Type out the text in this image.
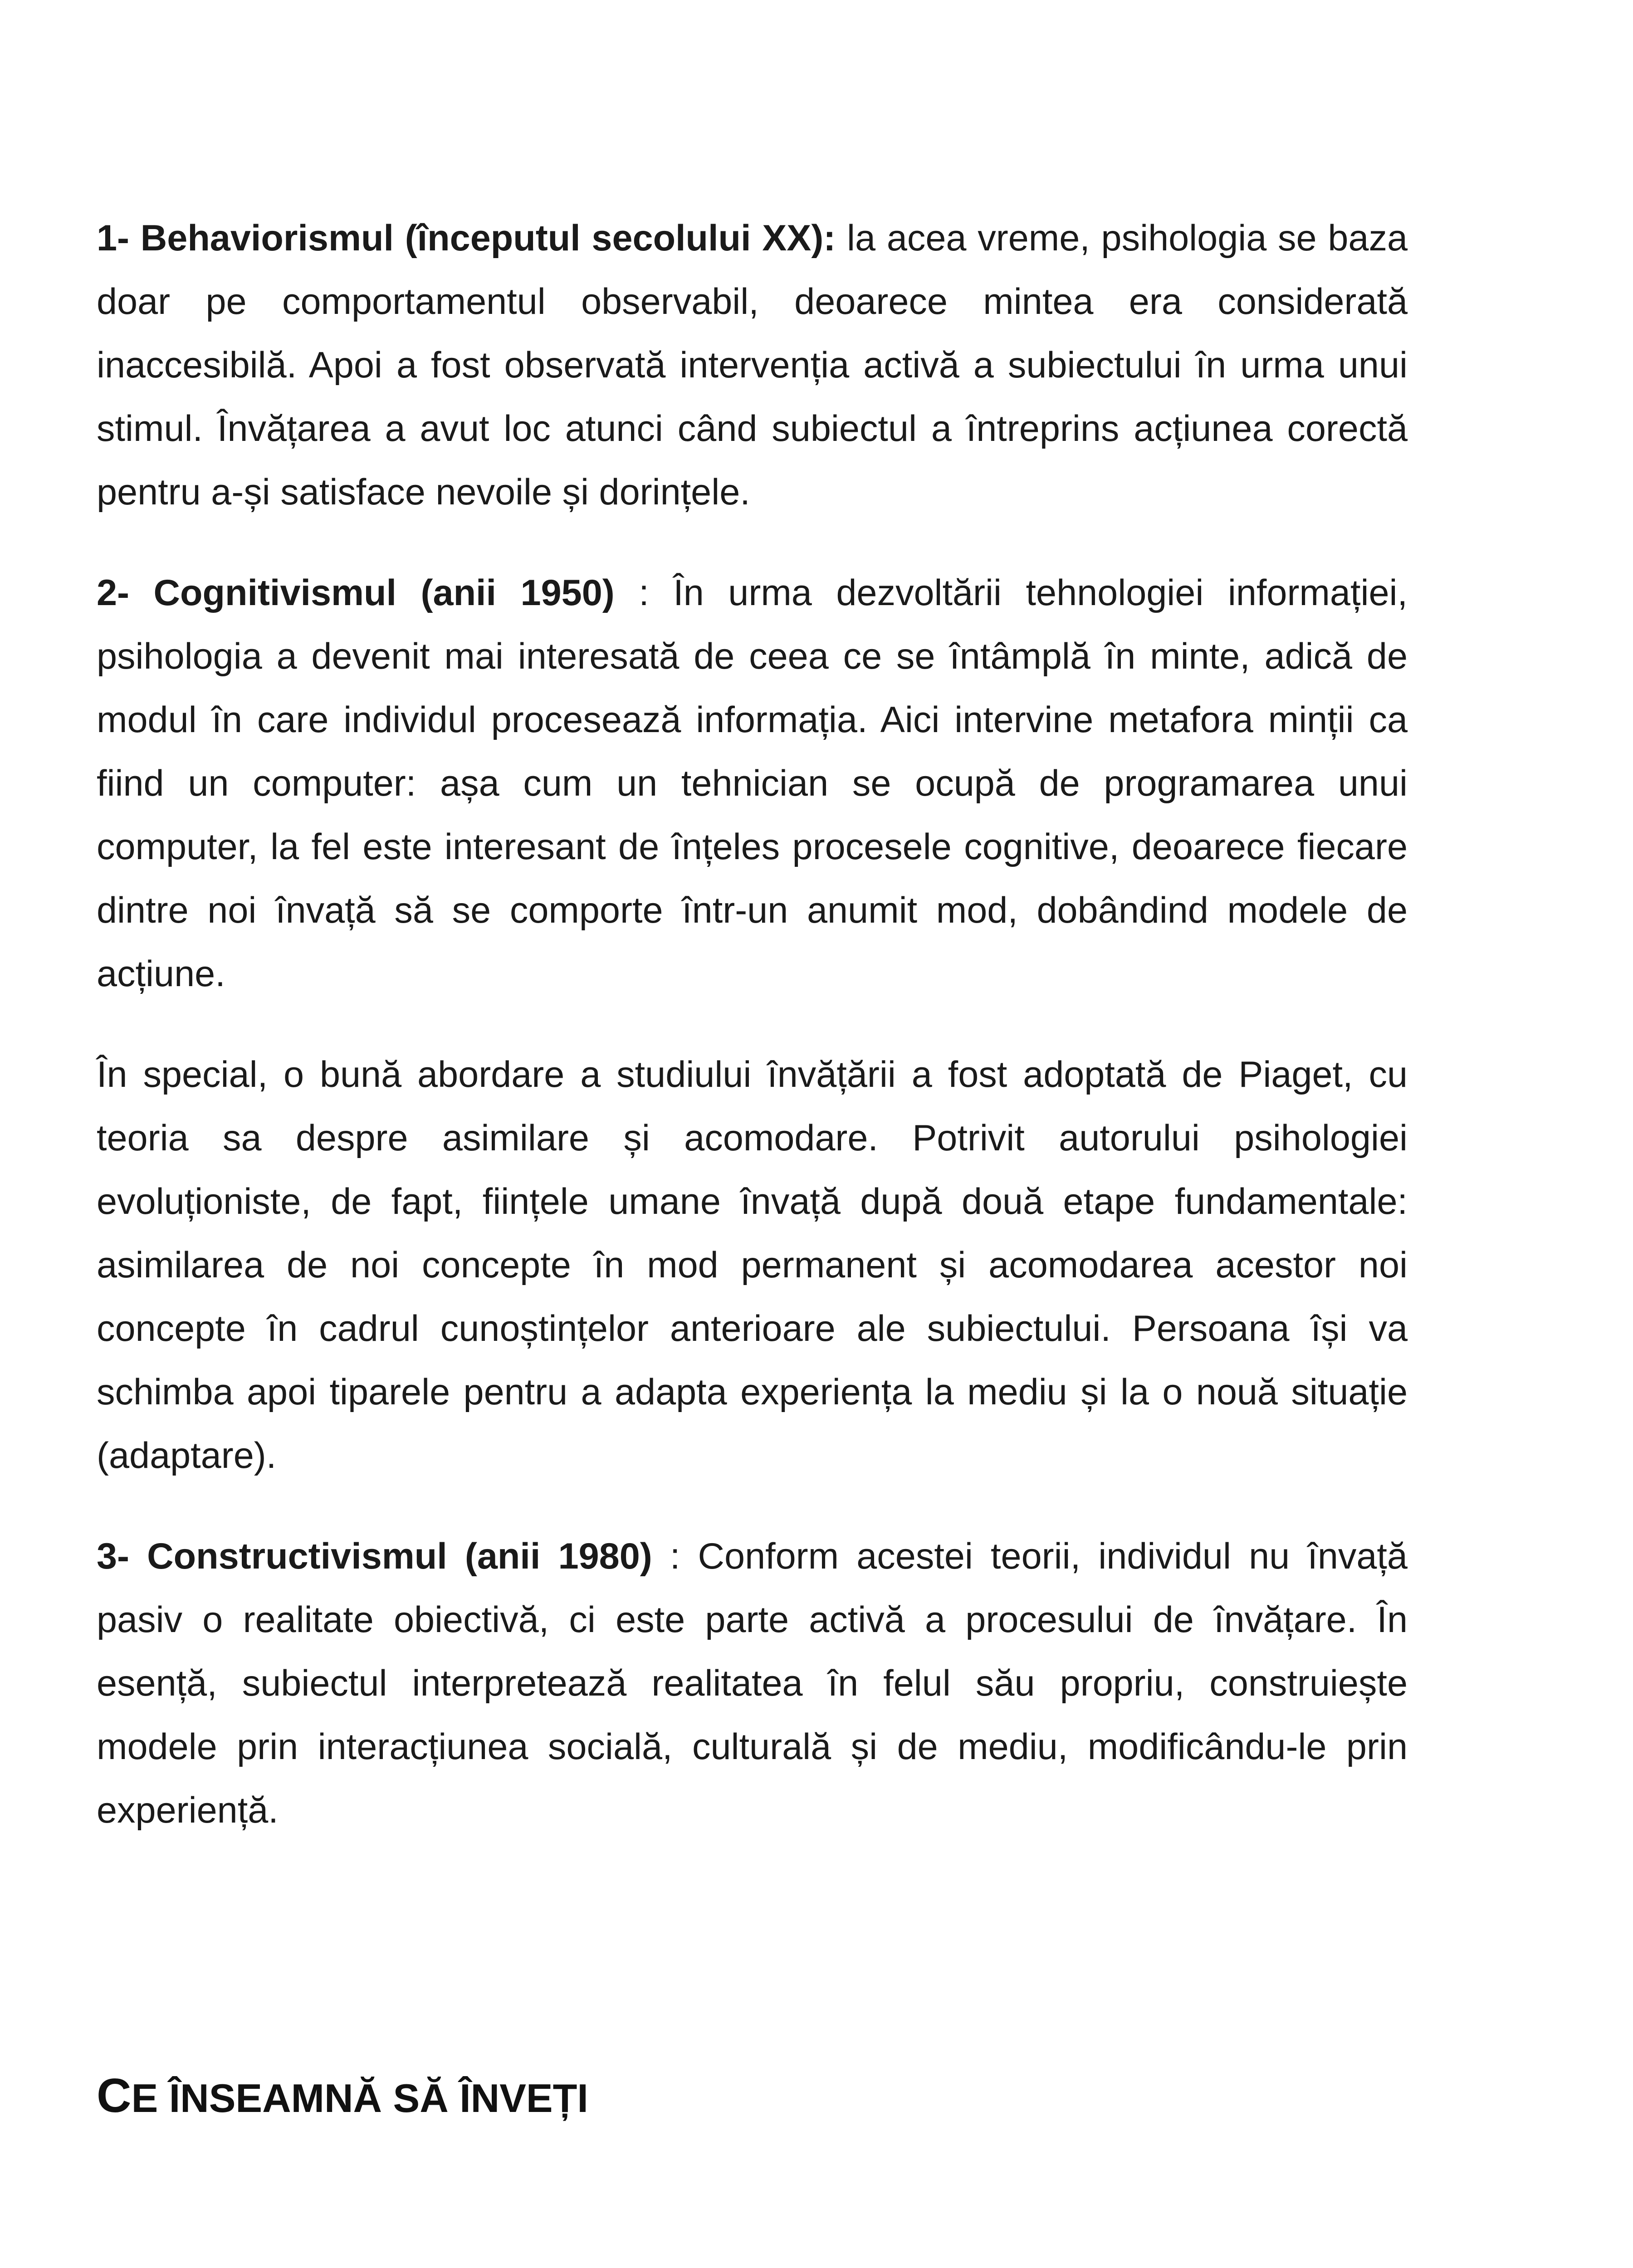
1- Behaviorismul (începutul secolului XX): la acea vreme, psihologia se baza doar pe comportamentul observabil, deoarece mintea era considerată inaccesibilă. Apoi a fost observată intervenția activă a subiectului în urma unui stimul. Învățarea a avut loc atunci când subiectul a întreprins acțiunea corectă pentru a-și satisface nevoile și dorințele.

2- Cognitivismul (anii 1950) : În urma dezvoltării tehnologiei informației, psihologia a devenit mai interesată de ceea ce se întâmplă în minte, adică de modul în care individul procesează informația. Aici intervine metafora minții ca fiind un computer: așa cum un tehnician se ocupă de programarea unui computer, la fel este interesant de înțeles procesele cognitive, deoarece fiecare dintre noi învață să se comporte într-un anumit mod, dobândind modele de acțiune.

În special, o bună abordare a studiului învățării a fost adoptată de Piaget, cu teoria sa despre asimilare și acomodare. Potrivit autorului psihologiei evoluționiste, de fapt, ființele umane învață după două etape fundamentale: asimilarea de noi concepte în mod permanent și acomodarea acestor noi concepte în cadrul cunoștințelor anterioare ale subiectului. Persoana își va schimba apoi tiparele pentru a adapta experiența la mediu și la o nouă situație (adaptare).

3- Constructivismul (anii 1980) : Conform acestei teorii, individul nu învață pasiv o realitate obiectivă, ci este parte activă a procesului de învățare. În esență, subiectul interpretează realitatea în felul său propriu, construiește modele prin interacțiunea socială, culturală și de mediu, modificându-le prin experiență.

CE ÎNSEAMNĂ SĂ ÎNVEȚI
